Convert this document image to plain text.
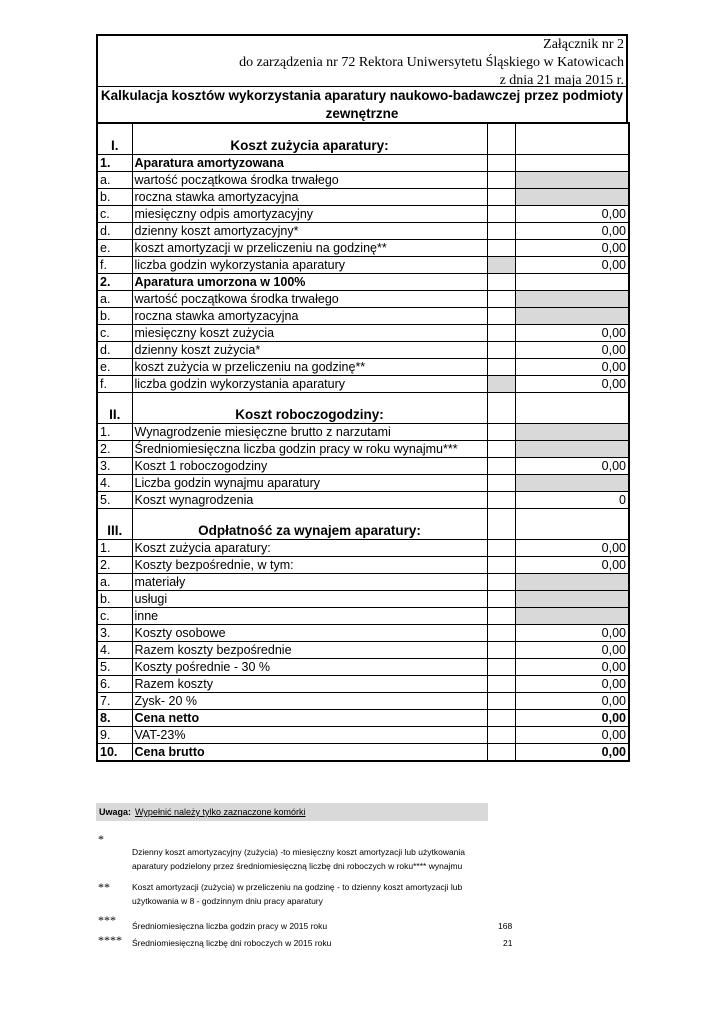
Załącznik nr 2
do zarządzenia nr 72 Rektora Uniwersytetu Śląskiego w Katowicach
z dnia 21 maja 2015 r.
Kalkulacja kosztów wykorzystania aparatury naukowo-badawczej przez podmioty
zewnętrzne
I.	Koszt zużycia aparatury:		
1.	Aparatura amortyzowana		
a.	wartość początkowa środka trwałego		
b.	roczna stawka amortyzacyjna		
c.	miesięczny odpis amortyzacyjny		0,00
d.	dzienny koszt amortyzacyjny*		0,00
e.	koszt amortyzacji w przeliczeniu na godzinę**		0,00
f.	liczba godzin wykorzystania aparatury		0,00
2.	Aparatura umorzona w 100%		
a.	wartość początkowa środka trwałego		
b.	roczna stawka amortyzacyjna		
c.	miesięczny koszt zużycia		0,00
d.	dzienny koszt zużycia*		0,00
e.	koszt zużycia w przeliczeniu na godzinę**		0,00
f.	liczba godzin wykorzystania aparatury		0,00
II.	Koszt roboczogodziny:		
1.	Wynagrodzenie miesięczne brutto z narzutami		
2.	Średniomiesięczna liczba godzin pracy w roku wynajmu***		
3.	Koszt 1 roboczogodziny		0,00
4.	Liczba godzin wynajmu aparatury		
5.	Koszt wynagrodzenia		0
III.	Odpłatność za wynajem aparatury:		
1.	Koszt zużycia aparatury:		0,00
2.	Koszty bezpośrednie, w tym:		0,00
a.	materiały		
b.	usługi		
c.	inne		
3.	Koszty osobowe		0,00
4.	Razem koszty bezpośrednie		0,00
5.	Koszty pośrednie - 30 %		0,00
6.	Razem koszty		0,00
7.	Zysk- 20 %		0,00
8.	Cena netto		0,00
9.	VAT-23%		0,00
10.	Cena brutto		0,00
Uwaga: Wypełnić należy tylko zaznaczone komórki
*
Dzienny koszt amortyzacyjny (zużycia) -to miesięczny koszt amortyzacji lub użytkowania
aparatury podzielony przez średniomiesięczną liczbę dni roboczych w roku**** wynajmu
**	Koszt amortyzacji (zużycia) w przeliczeniu na godzinę - to dzienny koszt amortyzacji lub
użytkowania w 8 - godzinnym dniu pracy aparatury
*** Średniomiesięczna liczba godzin pracy w 2015 roku	168
**** Średniomiesięczną liczbę dni roboczych w 2015 roku	21
